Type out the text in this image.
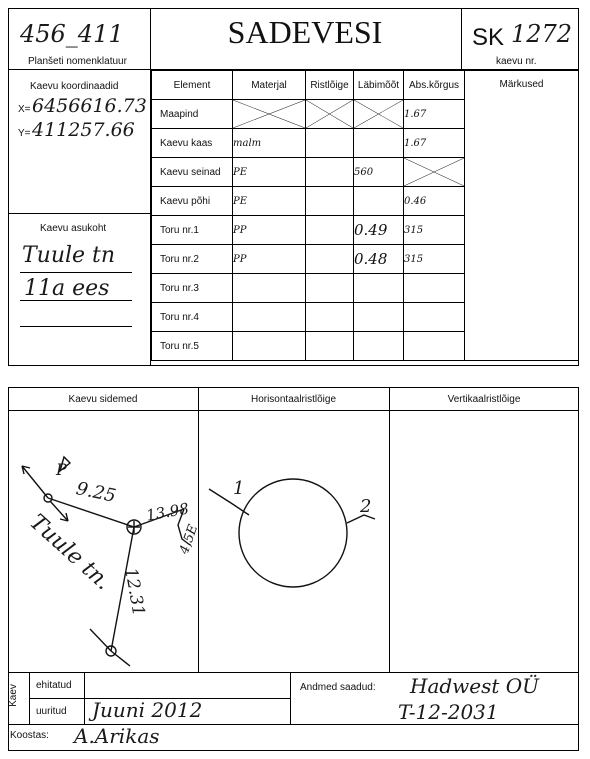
456_411
Planšeti nomenklatuur
SADEVESI	SK 1272
kaevu nr.
Kaevu koordinaadid
X= 6456616.73
Y= 411257.66
Kaevu asukoht
Tuule tn
11a ees
Element	Materjal	Ristlõige	Läbimõõt	Abs.kõrgus	Märkused
Maapind				1.67	
Kaevu kaas	malm			1.67	
Kaevu seinad	PE		560	

Kaevu põhi	PE			0.46	
Toru nr.1	PP		0.49	315	
Toru nr.2	PP		0.48	315	
Toru nr.3					
Toru nr.4					
Toru nr.5					
Kaevu sidemed	Horisontaalristlõige	Vertikaalristlõige
9.25
13.98
12.31
Tuule tn.
P
4,5E
1
2
Kaev ehitatud
uuritud Juuni 2012
Andmed saadud: Hadwest OÜ
T-12-2031
Koostas: A.Arikas
